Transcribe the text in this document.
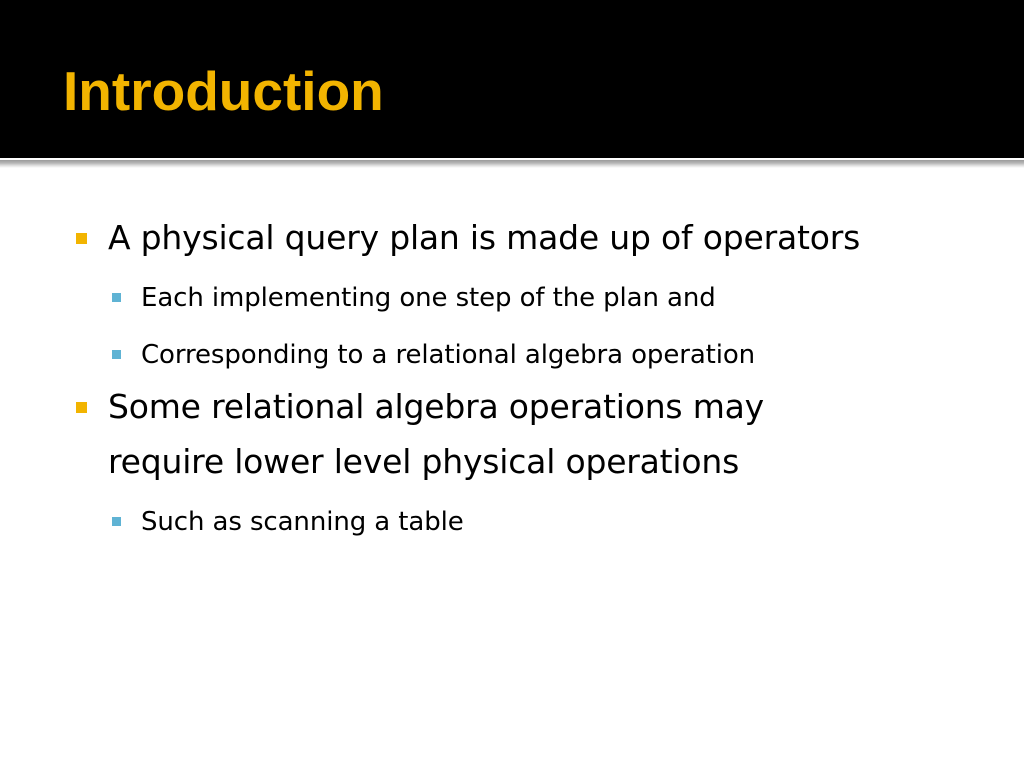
Introduction
A physical query plan is made up of operators
Each implementing one step of the plan and
Corresponding to a relational algebra operation
Some relational algebra operations may
require lower level physical operations
Such as scanning a table
